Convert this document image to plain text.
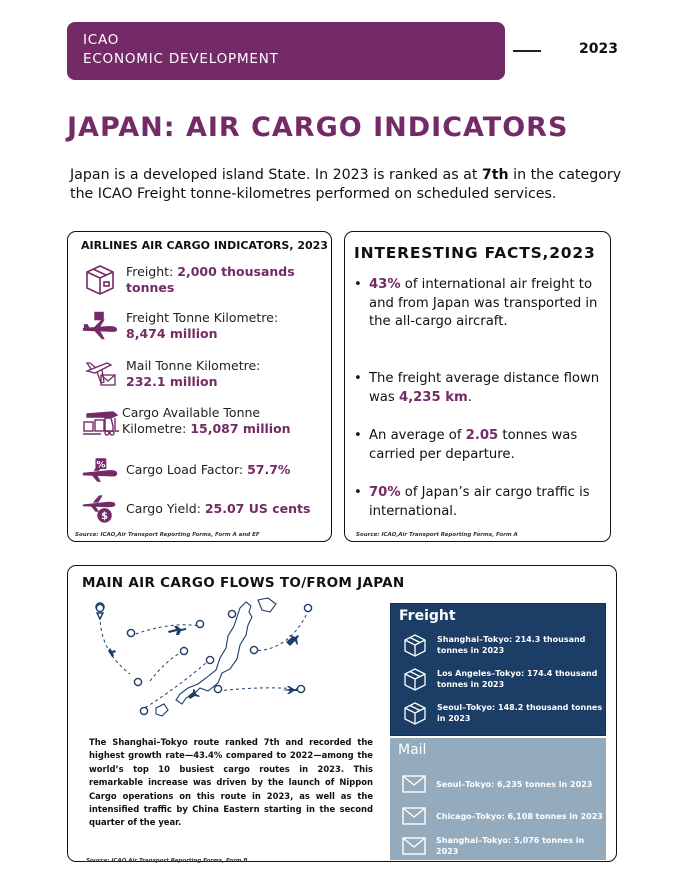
ICAO
ECONOMIC DEVELOPMENT
2023
JAPAN: AIR CARGO INDICATORS

Japan is a developed island State. In 2023 is ranked as at 7th in the category the ICAO Freight tonne-kilometres performed on scheduled services.

AIRLINES AIR CARGO INDICATORS, 2023
Freight: 2,000 thousands tonnes
Freight Tonne Kilometre:
8,474 million
Mail Tonne Kilometre: 232.1 million
Cargo Available Tonne Kilometre: 15,087 million
% Cargo Load Factor: 57.7%
$
Cargo Yield: 25.07 US cents
Source: ICAO,Air Transport Reporting Forms, Form A and EF
INTERESTING FACTS,2023
• 43% of international air freight to and from Japan was transported in the all-cargo aircraft.
• The freight average distance flown was 4,235 km.
• An average of 2.05 tonnes was carried per departure.
• 70% of Japan’s air cargo traffic is international.
Source: ICAO,Air Transport Reporting Forms, Form A
MAIN AIR CARGO FLOWS TO/FROM JAPAN

The Shanghai–Tokyo route ranked 7th and recorded the highest growth rate—43.4% compared to 2022—among the world’s top 10 busiest cargo routes in 2023. This remarkable increase was driven by the launch of Nippon Cargo operations on this route in 2023, as well as the intensified traffic by China Eastern starting in the second quarter of the year.

Source: ICAO Air Transport Reporting Forms, Form B
Freight
Shanghai–Tokyo: 214.3 thousand tonnes in 2023
Los Angeles–Tokyo: 174.4 thousand tonnes in 2023
Seoul–Tokyo: 148.2 thousand tonnes in 2023
Mail
Seoul–Tokyo: 6,235 tonnes in 2023
Chicago–Tokyo: 6,108 tonnes in 2023
Shanghai–Tokyo: 5,076 tonnes in 2023
